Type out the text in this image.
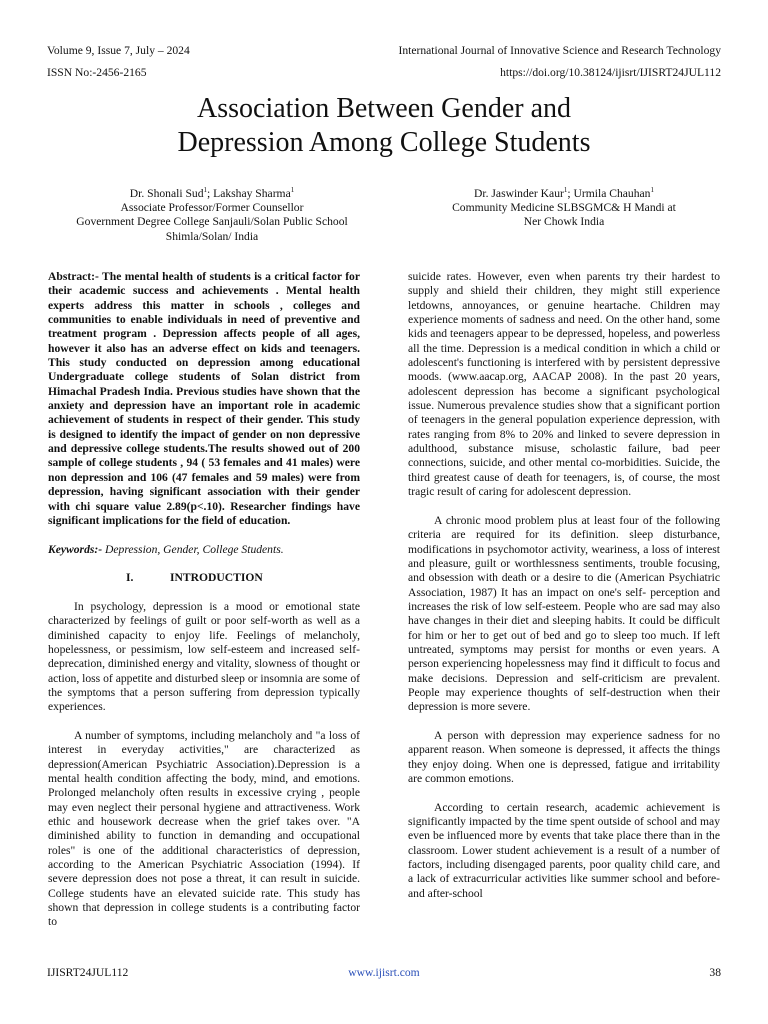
Volume 9, Issue 7, July – 2024
ISSN No:-2456-2165
International Journal of Innovative Science and Research Technology
https://doi.org/10.38124/ijisrt/IJISRT24JUL112
Association Between Gender and
Depression Among College Students
Dr. Shonali Sud$^1$; Lakshay Sharma$^1$
Associate Professor/Former Counsellor
Government Degree College Sanjauli/Solan Public School
Shimla/Solan/ India
Dr. Jaswinder Kaur$^1$; Urmila Chauhan$^1$
Community Medicine SLBSGMC& H Mandi at
Ner Chowk India

Abstract:- The mental health of students is a critical factor for their academic success and achievements . Mental health experts address this matter in schools , colleges and communities to enable individuals in need of preventive and treatment program . Depression affects people of all ages, however it also has an adverse effect on kids and teenagers. This study conducted on depression among educational Undergraduate college students of Solan district from Himachal Pradesh India. Previous studies have shown that the anxiety and depression have an important role in academic achievement of students in respect of their gender. This study is designed to identify the impact of gender on non depressive and depressive college students.The results showed out of 200 sample of college students , 94 ( 53 females and 41 males) were non depression and 106 (47 females and 59 males) were from depression, having significant association with their gender with chi square value 2.89(p<.10). Researcher findings have significant implications for the field of education.

Keywords:- Depression, Gender, College Students.

I.	INTRODUCTION

In psychology, depression is a mood or emotional state characterized by feelings of guilt or poor self-worth as well as a diminished capacity to enjoy life. Feelings of melancholy, hopelessness, or pessimism, low self-esteem and increased self-deprecation, diminished energy and vitality, slowness of thought or action, loss of appetite and disturbed sleep or insomnia are some of the symptoms that a person suffering from depression typically experiences.

A number of symptoms, including melancholy and "a loss of interest in everyday activities," are characterized as depression(American Psychiatric Association).Depression is a mental health condition affecting the body, mind, and emotions. Prolonged melancholy often results in excessive crying , people may even neglect their personal hygiene and attractiveness. Work ethic and housework decrease when the grief takes over. "A diminished ability to function in demanding and occupational roles" is one of the additional characteristics of depression, according to the American Psychiatric Association (1994). If severe depression does not pose a threat, it can result in suicide. College students have an elevated suicide rate. This study has shown that depression in college students is a contributing factor to

suicide rates. However, even when parents try their hardest to supply and shield their children, they might still experience letdowns, annoyances, or genuine heartache. Children may experience moments of sadness and need. On the other hand, some kids and teenagers appear to be depressed, hopeless, and powerless all the time. Depression is a medical condition in which a child or adolescent's functioning is interfered with by persistent depressive moods. (www.aacap.org, AACAP 2008). In the past 20 years, adolescent depression has become a significant psychological issue. Numerous prevalence studies show that a significant portion of teenagers in the general population experience depression, with rates ranging from 8% to 20% and linked to severe depression in adulthood, substance misuse, scholastic failure, bad peer connections, suicide, and other mental co-morbidities. Suicide, the third greatest cause of death for teenagers, is, of course, the most tragic result of caring for adolescent depression.

A chronic mood problem plus at least four of the following criteria are required for its definition. sleep disturbance, modifications in psychomotor activity, weariness, a loss of interest and pleasure, guilt or worthlessness sentiments, trouble focusing, and obsession with death or a desire to die (American Psychiatric Association, 1987) It has an impact on one's self- perception and increases the risk of low self-esteem. People who are sad may also have changes in their diet and sleeping habits. It could be difficult for him or her to get out of bed and go to sleep too much. If left untreated, symptoms may persist for months or even years. A person experiencing hopelessness may find it difficult to focus and make decisions. Depression and self-criticism are prevalent. People may experience thoughts of self-destruction when their depression is more severe.

A person with depression may experience sadness for no apparent reason. When someone is depressed, it affects the things they enjoy doing. When one is depressed, fatigue and irritability are common emotions.

According to certain research, academic achievement is significantly impacted by the time spent outside of school and may even be influenced more by events that take place there than in the classroom. Lower student achievement is a result of a number of factors, including disengaged parents, poor quality child care, and a lack of extracurricular activities like summer school and before- and after-school

IJISRT24JUL112	www.ijisrt.com	38
